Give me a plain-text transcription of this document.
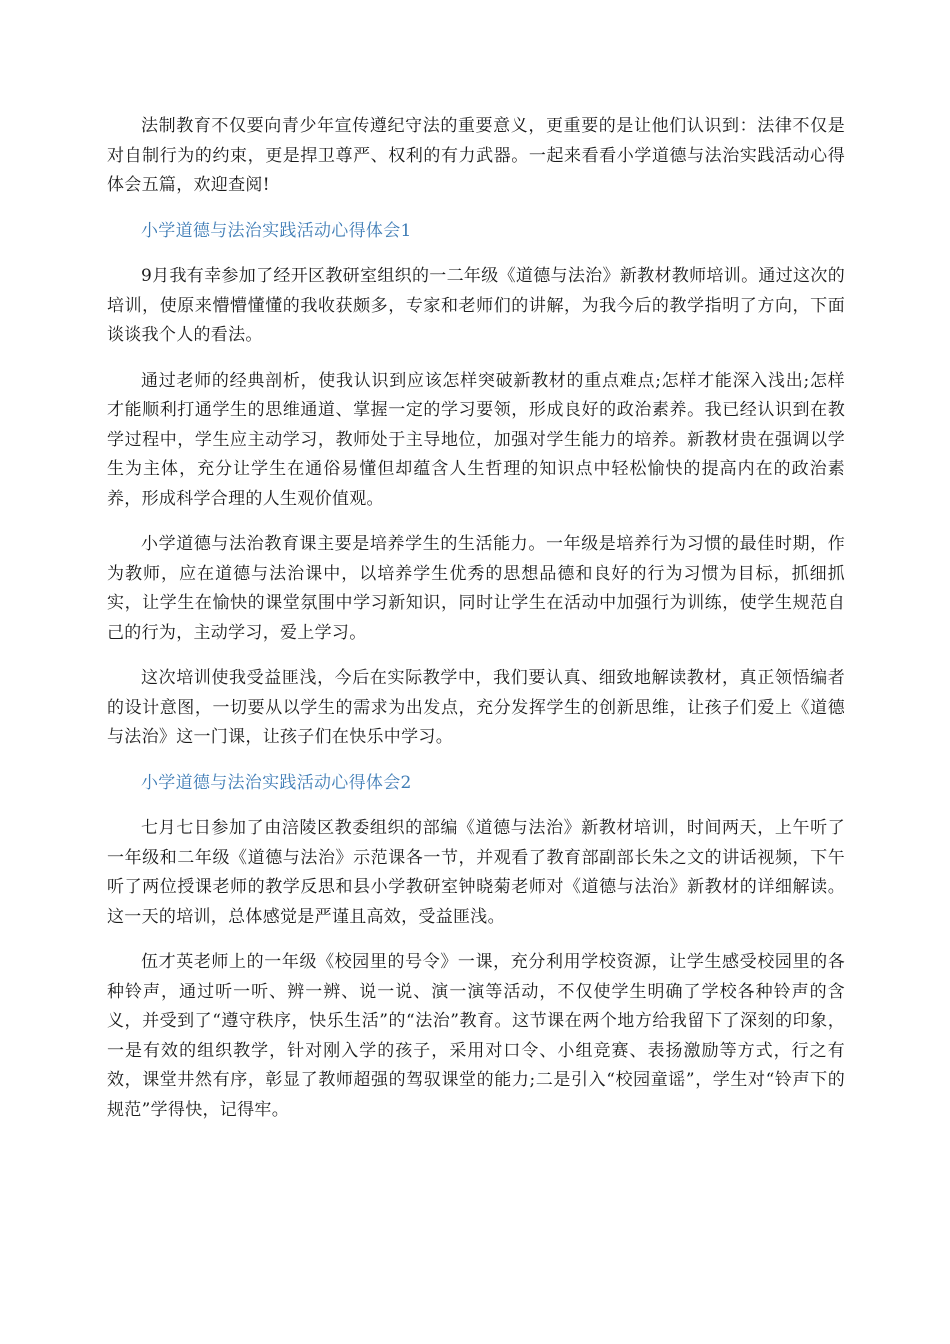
法制教育不仅要向青少年宣传遵纪守法的重要意义，更重要的是让他们认识到：法律不仅是对自制行为的约束，更是捍卫尊严、权利的有力武器。一起来看看小学道德与法治实践活动心得体会五篇，欢迎查阅!

小学道德与法治实践活动心得体会1

9月我有幸参加了经开区教研室组织的一二年级《道德与法治》新教材教师培训。通过这次的培训，使原来懵懵懂懂的我收获颇多，专家和老师们的讲解，为我今后的教学指明了方向，下面谈谈我个人的看法。

通过老师的经典剖析，使我认识到应该怎样突破新教材的重点难点;怎样才能深入浅出;怎样才能顺利打通学生的思维通道、掌握一定的学习要领，形成良好的政治素养。我已经认识到在教学过程中，学生应主动学习，教师处于主导地位，加强对学生能力的培养。新教材贵在强调以学生为主体，充分让学生在通俗易懂但却蕴含人生哲理的知识点中轻松愉快的提高内在的政治素养，形成科学合理的人生观价值观。

小学道德与法治教育课主要是培养学生的生活能力。一年级是培养行为习惯的最佳时期，作为教师，应在道德与法治课中，以培养学生优秀的思想品德和良好的行为习惯为目标，抓细抓实，让学生在愉快的课堂氛围中学习新知识，同时让学生在活动中加强行为训练，使学生规范自己的行为，主动学习，爱上学习。

这次培训使我受益匪浅，今后在实际教学中，我们要认真、细致地解读教材，真正领悟编者的设计意图，一切要从以学生的需求为出发点，充分发挥学生的创新思维，让孩子们爱上《道德与法治》这一门课，让孩子们在快乐中学习。

小学道德与法治实践活动心得体会2

七月七日参加了由涪陵区教委组织的部编《道德与法治》新教材培训，时间两天，上午听了一年级和二年级《道德与法治》示范课各一节，并观看了教育部副部长朱之文的讲话视频，下午听了两位授课老师的教学反思和县小学教研室钟晓菊老师对《道德与法治》新教材的详细解读。这一天的培训，总体感觉是严谨且高效，受益匪浅。

伍才英老师上的一年级《校园里的号令》一课，充分利用学校资源，让学生感受校园里的各种铃声，通过听一听、辨一辨、说一说、演一演等活动，不仅使学生明确了学校各种铃声的含义，并受到了“遵守秩序，快乐生活”的“法治”教育。这节课在两个地方给我留下了深刻的印象，一是有效的组织教学，针对刚入学的孩子，采用对口令、小组竞赛、表扬激励等方式，行之有效，课堂井然有序，彰显了教师超强的驾驭课堂的能力;二是引入“校园童谣”，学生对“铃声下的规范”学得快，记得牢。
